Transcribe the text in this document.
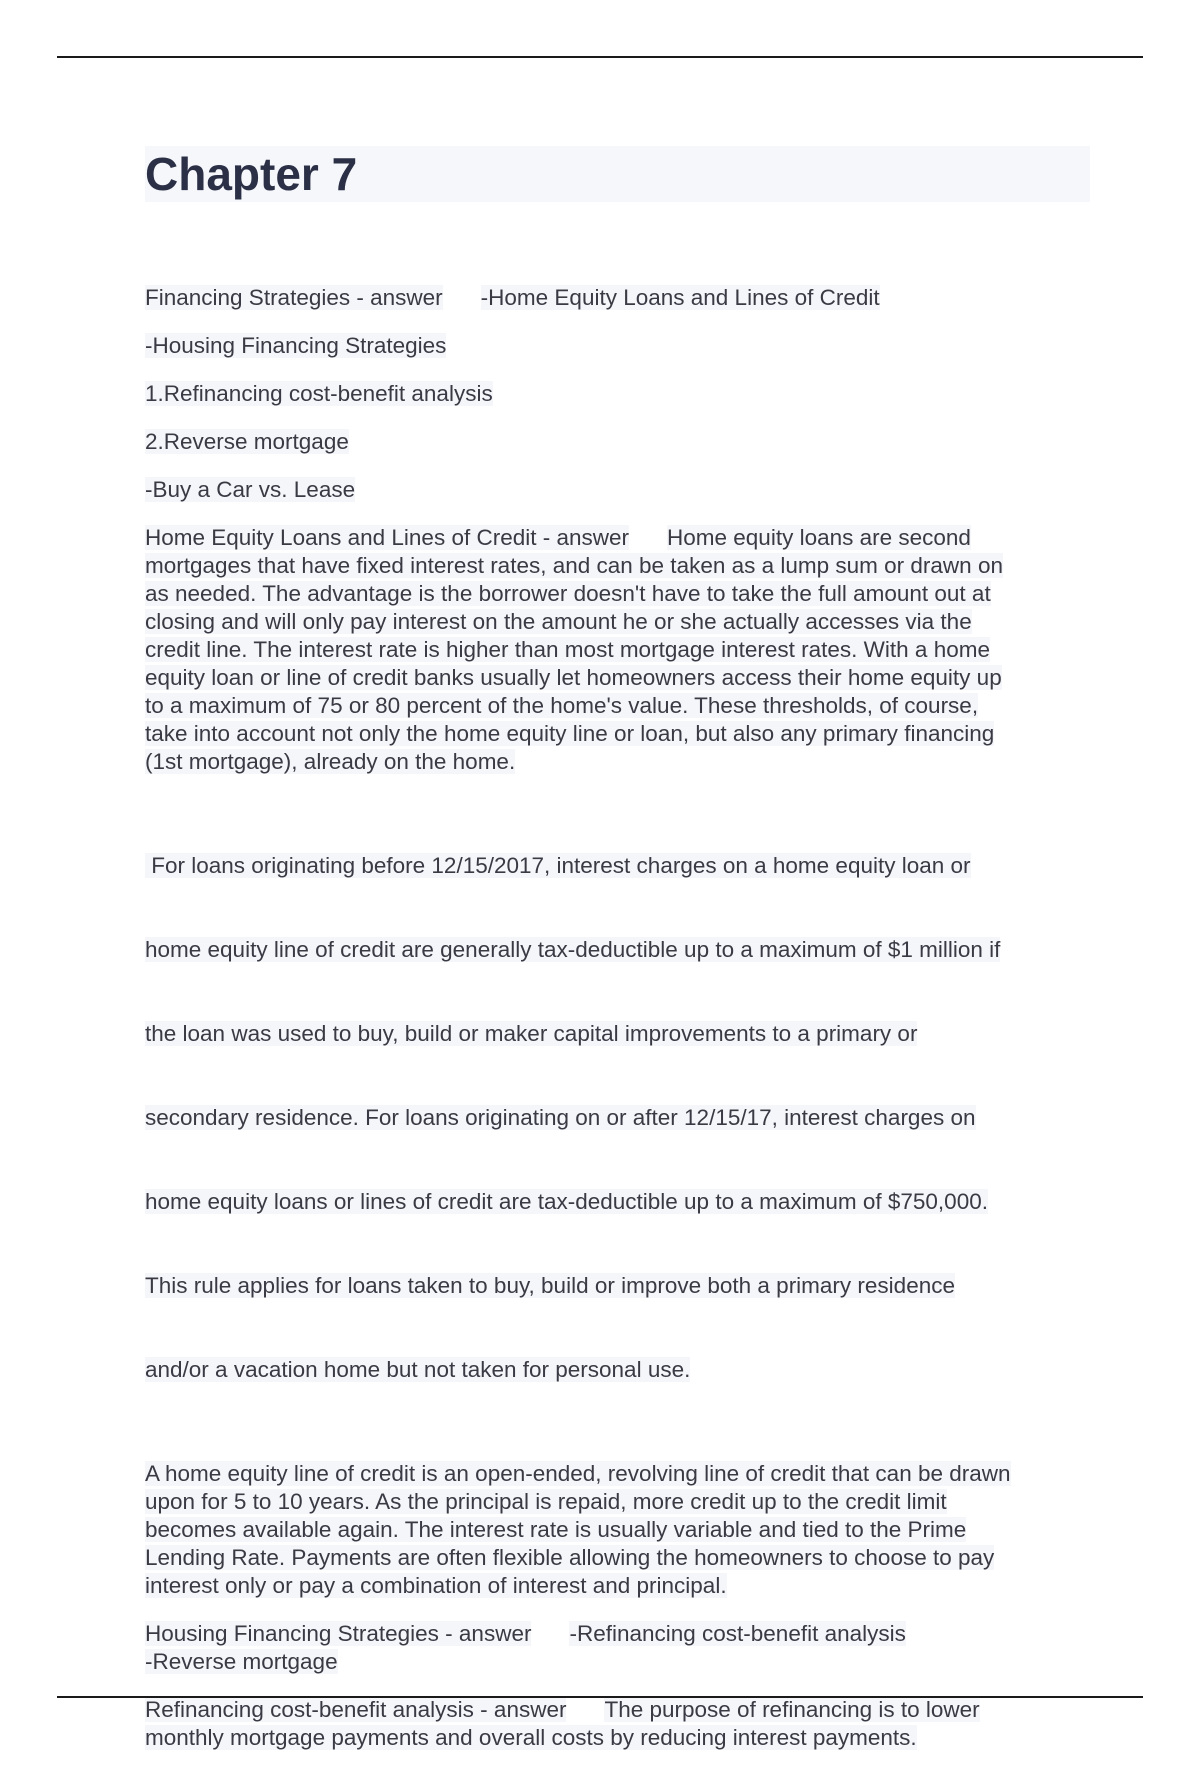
Chapter 7

Financing Strategies - answer -Home Equity Loans and Lines of Credit

-Housing Financing Strategies

1.Refinancing cost-benefit analysis

2.Reverse mortgage

-Buy a Car vs. Lease

Home Equity Loans and Lines of Credit - answer Home equity loans are second
mortgages that have fixed interest rates, and can be taken as a lump sum or drawn on
as needed. The advantage is the borrower doesn't have to take the full amount out at
closing and will only pay interest on the amount he or she actually accesses via the
credit line. The interest rate is higher than most mortgage interest rates. With a home
equity loan or line of credit banks usually let homeowners access their home equity up
to a maximum of 75 or 80 percent of the home's value. These thresholds, of course,
take into account not only the home equity line or loan, but also any primary financing
(1st mortgage), already on the home.

For loans originating before 12/15/2017, interest charges on a home equity loan or

home equity line of credit are generally tax-deductible up to a maximum of $1 million if

the loan was used to buy, build or maker capital improvements to a primary or

secondary residence. For loans originating on or after 12/15/17, interest charges on

home equity loans or lines of credit are tax-deductible up to a maximum of $750,000.

This rule applies for loans taken to buy, build or improve both a primary residence

and/or a vacation home but not taken for personal use.

A home equity line of credit is an open-ended, revolving line of credit that can be drawn
upon for 5 to 10 years. As the principal is repaid, more credit up to the credit limit
becomes available again. The interest rate is usually variable and tied to the Prime
Lending Rate. Payments are often flexible allowing the homeowners to choose to pay
interest only or pay a combination of interest and principal.

Housing Financing Strategies - answer -Refinancing cost-benefit analysis
-Reverse mortgage

Refinancing cost-benefit analysis - answer The purpose of refinancing is to lower
monthly mortgage payments and overall costs by reducing interest payments.
